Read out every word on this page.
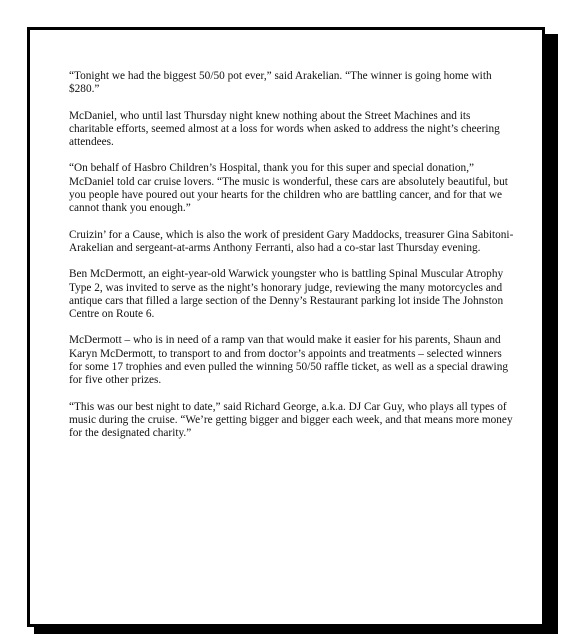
“Tonight we had the biggest 50/50 pot ever,” said Arakelian. “The winner is going home with $280.”

McDaniel, who until last Thursday night knew nothing about the Street Machines and its charitable efforts, seemed almost at a loss for words when asked to address the night’s cheering attendees.

“On behalf of Hasbro Children’s Hospital, thank you for this super and special donation,” McDaniel told car cruise lovers. “The music is wonderful, these cars are absolutely beautiful, but you people have poured out your hearts for the children who are battling cancer, and for that we cannot thank you enough.”

Cruizin’ for a Cause, which is also the work of president Gary Maddocks, treasurer Gina Sabitoni-Arakelian and sergeant-at-arms Anthony Ferranti, also had a co-star last Thursday evening.

Ben McDermott, an eight-year-old Warwick youngster who is battling Spinal Muscular Atrophy Type 2, was invited to serve as the night’s honorary judge, reviewing the many motorcycles and antique cars that filled a large section of the Denny’s Restaurant parking lot inside The Johnston Centre on Route 6.

McDermott – who is in need of a ramp van that would make it easier for his parents, Shaun and Karyn McDermott, to transport to and from doctor’s appoints and treatments – selected winners for some 17 trophies and even pulled the winning 50/50 raffle ticket, as well as a special drawing for five other prizes.

“This was our best night to date,” said Richard George, a.k.a. DJ Car Guy, who plays all types of music during the cruise. “We’re getting bigger and bigger each week, and that means more money for the designated charity.”
